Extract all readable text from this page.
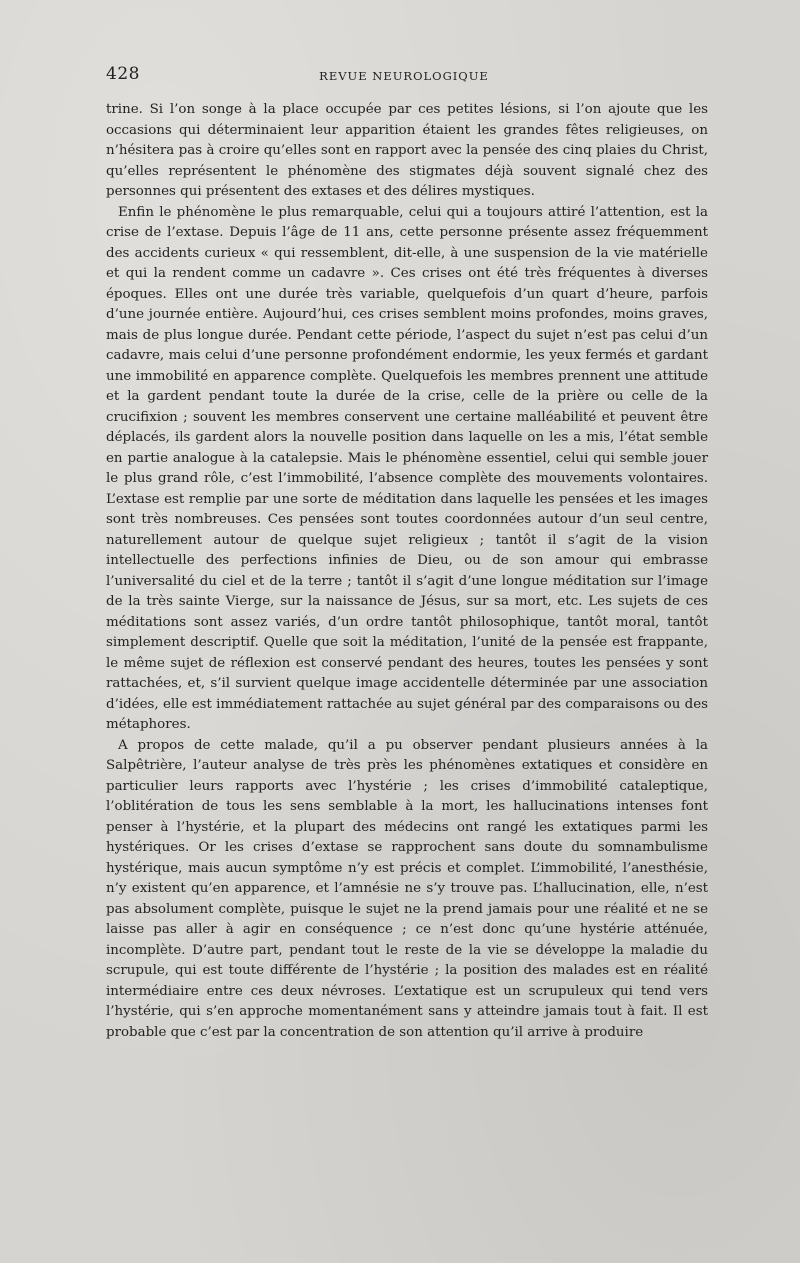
428	REVUE NEUROLOGIQUE

trine. Si l’on songe à la place occupée par ces petites lésions, si l’on ajoute que les occasions qui déterminaient leur apparition étaient les grandes fêtes religieuses, on n’hésitera pas à croire qu’elles sont en rapport avec la pensée des cinq plaies du Christ, qu’elles représentent le phénomène des stigmates déjà souvent signalé chez des personnes qui présentent des extases et des délires mystiques.

Enfin le phénomène le plus remarquable, celui qui a toujours attiré l’attention, est la crise de l’extase. Depuis l’âge de 11 ans, cette personne présente assez fréquemment des accidents curieux « qui ressemblent, dit-elle, à une suspension de la vie matérielle et qui la rendent comme un cadavre ». Ces crises ont été très fréquentes à diverses époques. Elles ont une durée très variable, quelquefois d’un quart d’heure, parfois d’une journée entière. Aujourd’hui, ces crises semblent moins profondes, moins graves, mais de plus longue durée. Pendant cette période, l’aspect du sujet n’est pas celui d’un cadavre, mais celui d’une personne profondément endormie, les yeux fermés et gardant une immobilité en apparence complète. Quelquefois les membres prennent une attitude et la gardent pendant toute la durée de la crise, celle de la prière ou celle de la crucifixion ; souvent les membres conservent une certaine malléabilité et peuvent être déplacés, ils gardent alors la nouvelle position dans laquelle on les a mis, l’état semble en partie analogue à la catalepsie. Mais le phénomène essentiel, celui qui semble jouer le plus grand rôle, c’est l’immobilité, l’absence complète des mouvements volontaires. L’extase est remplie par une sorte de méditation dans laquelle les pensées et les images sont très nombreuses. Ces pensées sont toutes coordonnées autour d’un seul centre, naturellement autour de quelque sujet religieux ; tantôt il s’agit de la vision intellectuelle des perfections infinies de Dieu, ou de son amour qui embrasse l’universalité du ciel et de la terre ; tantôt il s’agit d’une longue méditation sur l’image de la très sainte Vierge, sur la naissance de Jésus, sur sa mort, etc. Les sujets de ces méditations sont assez variés, d’un ordre tantôt philosophique, tantôt moral, tantôt simplement descriptif. Quelle que soit la méditation, l’unité de la pensée est frappante, le même sujet de réflexion est conservé pendant des heures, toutes les pensées y sont rattachées, et, s’il survient quelque image accidentelle déterminée par une association d’idées, elle est immédiatement rattachée au sujet général par des comparaisons ou des métaphores.

A propos de cette malade, qu’il a pu observer pendant plusieurs années à la Salpêtrière, l’auteur analyse de très près les phénomènes extatiques et considère en particulier leurs rapports avec l’hystérie ; les crises d’immobilité cataleptique, l’oblitération de tous les sens semblable à la mort, les hallucinations intenses font penser à l’hystérie, et la plupart des médecins ont rangé les extatiques parmi les hystériques. Or les crises d’extase se rapprochent sans doute du somnambulisme hystérique, mais aucun symptôme n’y est précis et complet. L’immobilité, l’anesthésie, n’y existent qu’en apparence, et l’amnésie ne s’y trouve pas. L’hallucination, elle, n’est pas absolument complète, puisque le sujet ne la prend jamais pour une réalité et ne se laisse pas aller à agir en conséquence ; ce n’est donc qu’une hystérie atténuée, incomplète. D’autre part, pendant tout le reste de la vie se développe la maladie du scrupule, qui est toute différente de l’hystérie ; la position des malades est en réalité intermédiaire entre ces deux névroses. L’extatique est un scrupuleux qui tend vers l’hystérie, qui s’en approche momentanément sans y atteindre jamais tout à fait. Il est probable que c’est par la concentration de son attention qu’il arrive à produire
